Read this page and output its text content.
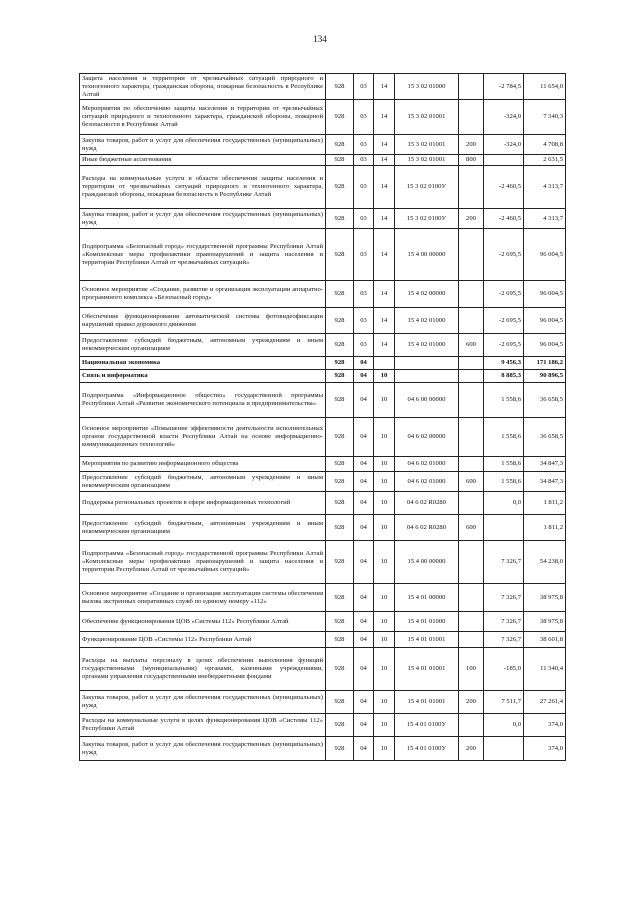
134
Защита населения и территории от чрезвычайных ситуаций природного и техногенного характера, гражданская оборона, пожарная безопасность в Республике Алтай	928	03	14	15 3 02 01000		-2 784,5	11 654,0
Мероприятия по обеспечению защиты населения и территории от чрезвычайных ситуаций природного и техногенного характера, гражданской обороны, пожарной безопасности в Республике Алтай	928	03	14	15 3 02 01001		-324,0	7 340,3
Закупка товаров, работ и услуг для обеспечения государственных (муниципальных) нужд	928	03	14	15 3 02 01001	200	-324,0	4 708,8
Иные бюджетные ассигнования	928	03	14	15 3 02 01001	800		2 631,5
Расходы на коммунальные услуги в области обеспечения защиты населения и территории от чрезвычайных ситуаций природного и техногенного характера, гражданской обороны, пожарная безопасность в Республике Алтай	928	03	14	15 3 02 0100У		-2 460,5	4 313,7
Закупка товаров, работ и услуг для обеспечения государственных (муниципальных) нужд	928	03	14	15 3 02 0100У	200	-2 460,5	4 313,7
Подпрограмма «Безопасный город» государственной программы Республики Алтай «Комплексные меры профилактики правонарушений и защита населения и территории Республики Алтай от чрезвычайных ситуаций»	928	03	14	15 4 00 00000		-2 695,5	96 004,5
Основное мероприятие «Создание, развитие и организация эксплуатации аппаратно-программного комплекса «Безопасный город»	928	03	14	15 4 02 00000		-2 695,5	96 004,5
Обеспечение функционирования автоматической системы фотовидеофиксации нарушений правил дорожного движения	928	03	14	15 4 02 01000		-2 695,5	96 004,5
Предоставление субсидий бюджетным, автономным учреждениям и иным некоммерческим организациям	928	03	14	15 4 02 01000	600	-2 695,5	96 004,5
Национальная экономика	928	04				9 456,3	171 186,2
Связь и информатика	928	04	10			8 885,3	90 896,5
Подпрограмма «Информационное общество» государственной программы Республики Алтай «Развитие экономического потенциала и предпринимательства»	928	04	10	04 6 00 00000		1 558,6	36 658,5
Основное мероприятие «Повышение эффективности деятельности исполнительных органов государственной власти Республики Алтай на основе информационно-коммуникационных технологий»	928	04	10	04 6 02 00000		1 558,6	36 658,5
Мероприятия по развитию информационного общества	928	04	10	04 6 02 01000		1 558,6	34 847,3
Предоставление субсидий бюджетным, автономным учреждениям и иным некоммерческим организациям	928	04	10	04 6 02 01000	600	1 558,6	34 847,3
Поддержка региональных проектов в сфере информационных технологий	928	04	10	04 6 02 R0280		0,0	1 811,2
Предоставление субсидий бюджетным, автономным учреждениям и иным некоммерческим организациям	928	04	10	04 6 02 R0280	600		1 811,2
Подпрограмма «Безопасный город» государственной программы Республики Алтай «Комплексные меры профилактики правонарушений и защита населения и территории Республики Алтай от чрезвычайных ситуаций»	928	04	10	15 4 00 00000		7 326,7	54 238,0
Основное мероприятие «Создание и организация эксплуатации системы обеспечения вызова экстренных оперативных служб по единому номеру «112»	928	04	10	15 4 01 00000		7 326,7	38 975,8
Обеспечение функционирования ЦОВ «Системы 112» Республики Алтай	928	04	10	15 4 01 01000		7 326,7	38 975,8
Функционирование ЦОВ «Системы 112» Республики Алтай	928	04	10	15 4 01 01001		7 326,7	38 601,8
Расходы на выплаты персоналу в целях обеспечения выполнения функций государственными (муниципальными) органами, казенными учреждениями, органами управления государственными внебюджетными фондами	928	04	10	15 4 01 01001	100	-185,0	11 340,4
Закупка товаров, работ и услуг для обеспечения государственных (муниципальных) нужд	928	04	10	15 4 01 01001	200	7 511,7	27 261,4
Расходы на коммунальные услуги в целях функционирования ЦОВ «Системы 112» Республики Алтай	928	04	10	15 4 01 0100У		0,0	374,0
Закупка товаров, работ и услуг для обеспечения государственных (муниципальных) нужд	928	04	10	15 4 01 0100У	200		374,0
